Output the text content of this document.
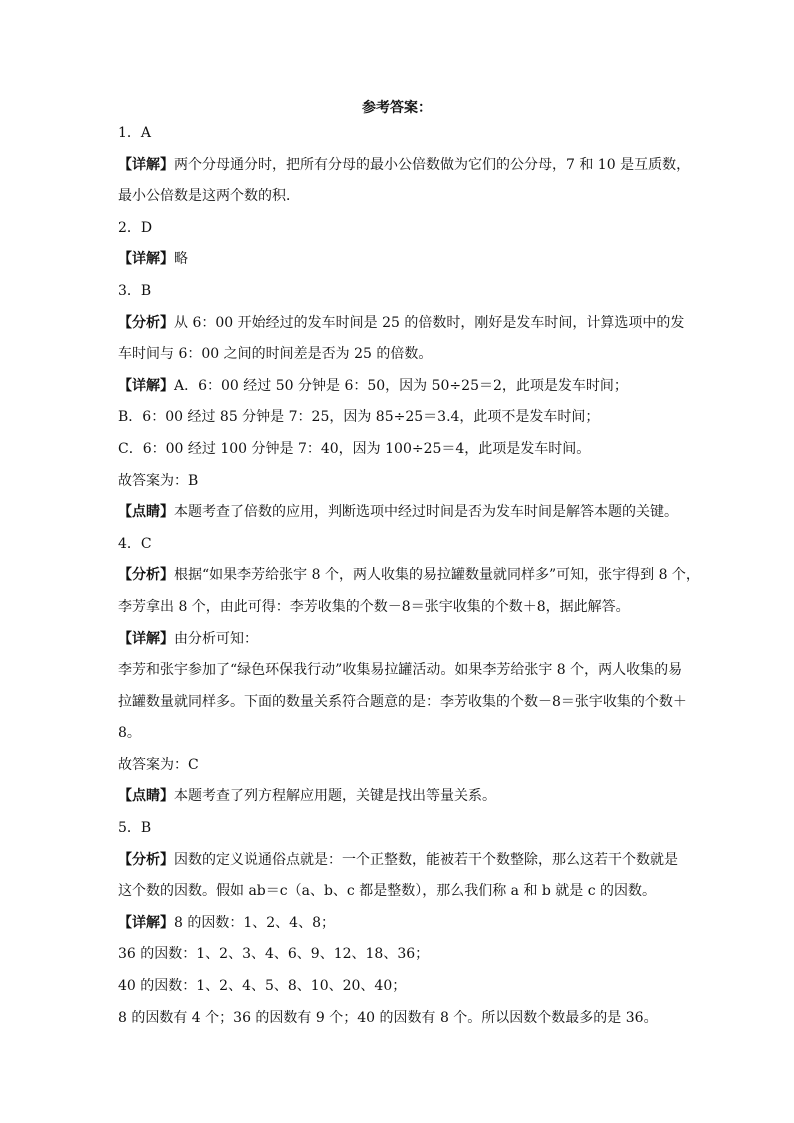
参考答案：
1．A
【详解】两个分母通分时，把所有分母的最小公倍数做为它们的公分母，7 和 10 是互质数，
最小公倍数是这两个数的积．
2．D
【详解】略
3．B
【分析】从 6：00 开始经过的发车时间是 25 的倍数时，刚好是发车时间，计算选项中的发
车时间与 6：00 之间的时间差是否为 25 的倍数。
【详解】A．6：00 经过 50 分钟是 6：50，因为 50÷25＝2，此项是发车时间；
B．6：00 经过 85 分钟是 7：25，因为 85÷25＝3.4，此项不是发车时间；
C．6：00 经过 100 分钟是 7：40，因为 100÷25＝4，此项是发车时间。
故答案为：B
【点睛】本题考查了倍数的应用，判断选项中经过时间是否为发车时间是解答本题的关键。
4．C
【分析】根据“如果李芳给张宇 8 个，两人收集的易拉罐数量就同样多”可知，张宇得到 8 个，
李芳拿出 8 个，由此可得：李芳收集的个数－8＝张宇收集的个数＋8，据此解答。
【详解】由分析可知：
李芳和张宇参加了“绿色环保我行动”收集易拉罐活动。如果李芳给张宇 8 个，两人收集的易
拉罐数量就同样多。下面的数量关系符合题意的是：李芳收集的个数－8＝张宇收集的个数＋
8。
故答案为：C
【点睛】本题考查了列方程解应用题，关键是找出等量关系。
5．B
【分析】因数的定义说通俗点就是：一个正整数，能被若干个数整除，那么这若干个数就是
这个数的因数。假如 ab＝c（a、b、c 都是整数），那么我们称 a 和 b 就是 c 的因数。
【详解】8 的因数：1、2、4、8；
36 的因数：1、2、3、4、6、9、12、18、36；
40 的因数：1、2、4、5、8、10、20、40；
8 的因数有 4 个；36 的因数有 9 个；40 的因数有 8 个。所以因数个数最多的是 36。
